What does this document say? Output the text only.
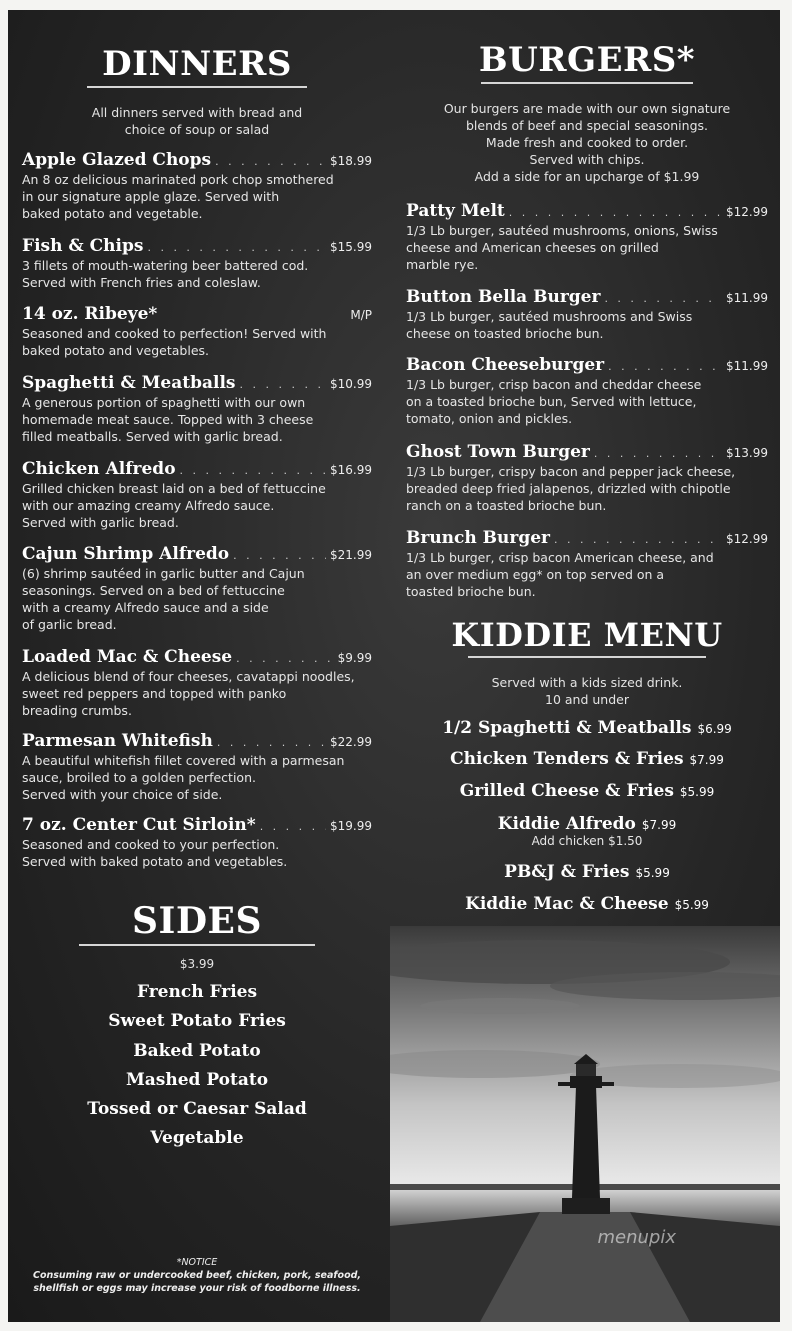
DINNERS
All dinners served with bread and
choice of soup or salad
Apple Glazed Chops . . .	$18.99
An 8 oz delicious marinated pork chop smothered
in our signature apple glaze. Served with
baked potato and vegetable.
Fish & Chips . . .	$15.99
3 fillets of mouth-watering beer battered cod.
Served with French fries and coleslaw.
14 oz. Ribeye*	M/P
Seasoned and cooked to perfection! Served with
baked potato and vegetables.
Spaghetti & Meatballs . . .	$10.99
A generous portion of spaghetti with our own
homemade meat sauce. Topped with 3 cheese
filled meatballs. Served with garlic bread.
Chicken Alfredo . . .	$16.99
Grilled chicken breast laid on a bed of fettuccine
with our amazing creamy Alfredo sauce.
Served with garlic bread.
Cajun Shrimp Alfredo . . .	$21.99
(6) shrimp sautéed in garlic butter and Cajun
seasonings. Served on a bed of fettuccine
with a creamy Alfredo sauce and a side
of garlic bread.
Loaded Mac & Cheese . . .	$9.99
A delicious blend of four cheeses, cavatappi noodles,
sweet red peppers and topped with panko
breading crumbs.
Parmesan Whitefish . . .	$22.99
A beautiful whitefish fillet covered with a parmesan
sauce, broiled to a golden perfection.
Served with your choice of side.
7 oz. Center Cut Sirloin* . . .	$19.99
Seasoned and cooked to your perfection.
Served with baked potato and vegetables.
SIDES
$3.99
French Fries
Sweet Potato Fries
Baked Potato
Mashed Potato
Tossed or Caesar Salad
Vegetable
*NOTICE
Consuming raw or undercooked beef, chicken, pork, seafood,
shellfish or eggs may increase your risk of foodborne illness.
menupix
BURGERS*
Our burgers are made with our own signature
blends of beef and special seasonings.
Made fresh and cooked to order.
Served with chips.
Add a side for an upcharge of $1.99
Patty Melt . . .	$12.99
1/3 Lb burger, sautéed mushrooms, onions, Swiss
cheese and American cheeses on grilled
marble rye.
Button Bella Burger . . .	$11.99
1/3 Lb burger, sautéed mushrooms and Swiss
cheese on toasted brioche bun.
Bacon Cheeseburger . . .	$11.99
1/3 Lb burger, crisp bacon and cheddar cheese
on a toasted brioche bun, Served with lettuce,
tomato, onion and pickles.
Ghost Town Burger . . .	$13.99
1/3 Lb burger, crispy bacon and pepper jack cheese,
breaded deep fried jalapenos, drizzled with chipotle
ranch on a toasted brioche bun.
Brunch Burger . . .	$12.99
1/3 Lb burger, crisp bacon American cheese, and
an over medium egg* on top served on a
toasted brioche bun.
KIDDIE MENU
Served with a kids sized drink.
10 and under
1/2 Spaghetti & Meatballs $6.99
Chicken Tenders & Fries $7.99
Grilled Cheese & Fries $5.99
Kiddie Alfredo $7.99
Add chicken $1.50
PB&J & Fries $5.99
Kiddie Mac & Cheese $5.99
